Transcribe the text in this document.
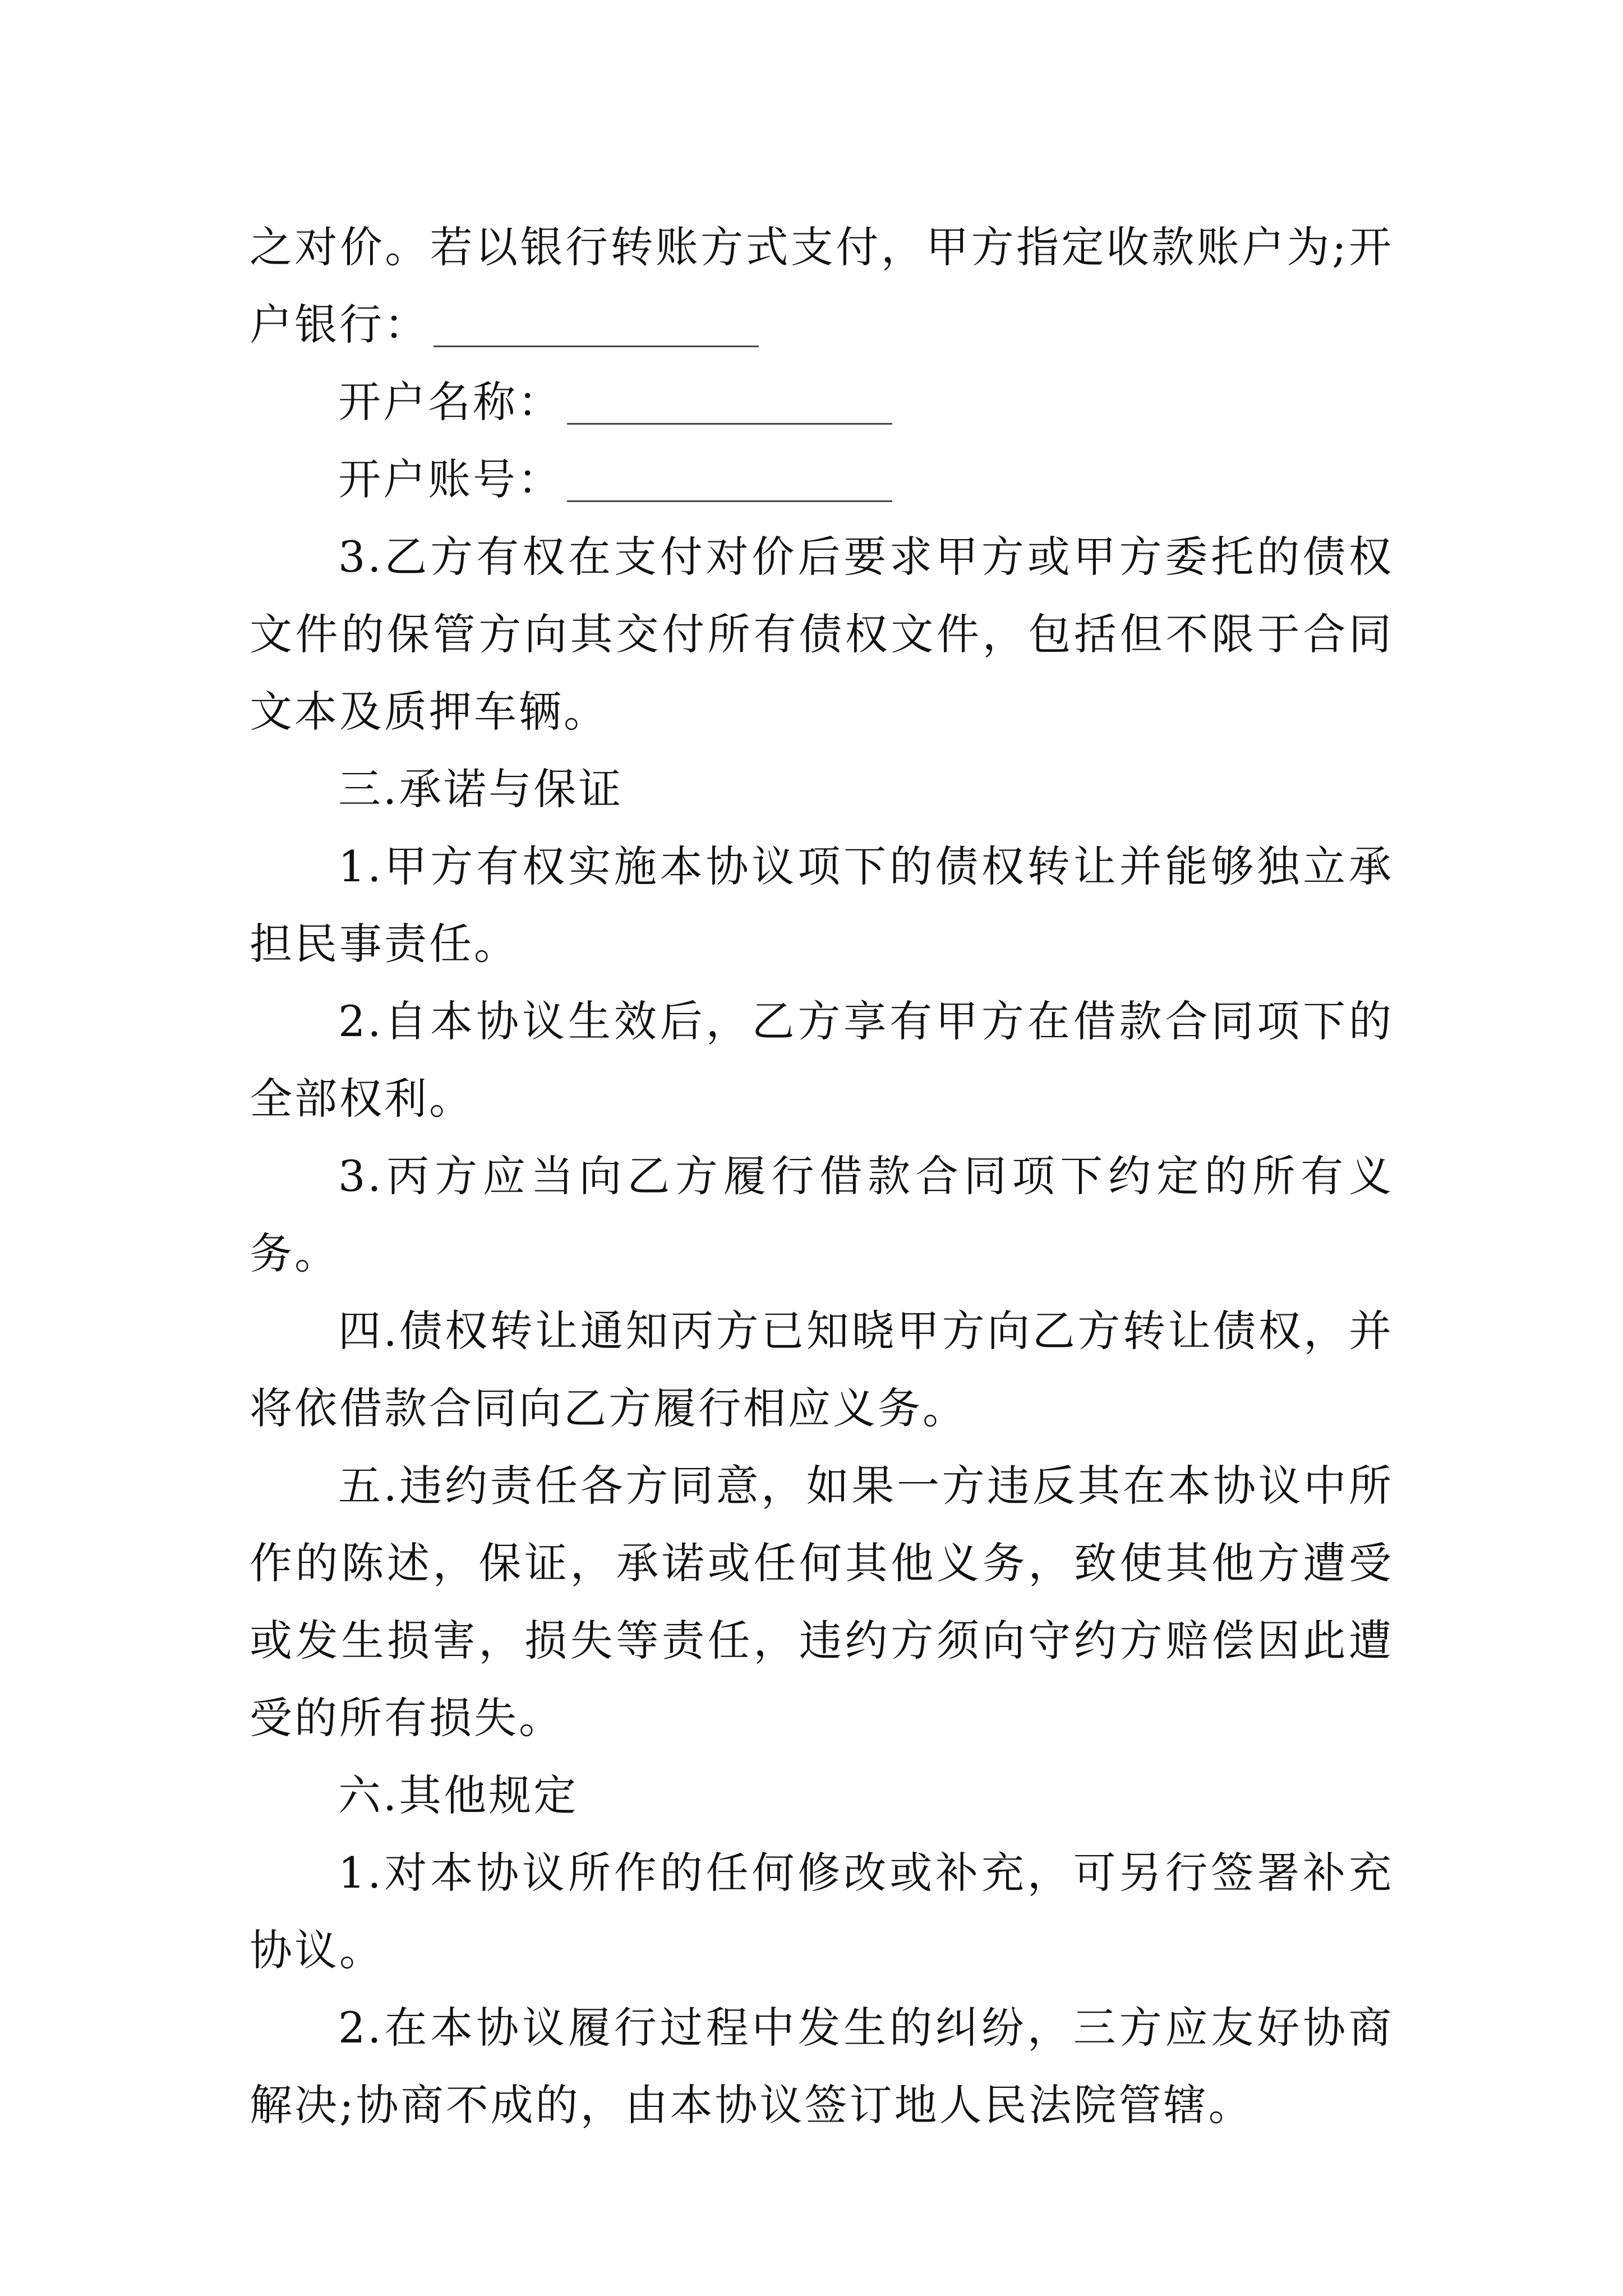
之对价。若以银行转账方式支付，甲方指定收款账户为;开户银行：

开户名称：

开户账号：

3.乙方有权在支付对价后要求甲方或甲方委托的债权文件的保管方向其交付所有债权文件，包括但不限于合同文本及质押车辆。

三.承诺与保证

1.甲方有权实施本协议项下的债权转让并能够独立承担民事责任。

2.自本协议生效后，乙方享有甲方在借款合同项下的全部权利。

3.丙方应当向乙方履行借款合同项下约定的所有义务。

四.债权转让通知丙方已知晓甲方向乙方转让债权，并将依借款合同向乙方履行相应义务。

五.违约责任各方同意，如果一方违反其在本协议中所作的陈述，保证，承诺或任何其他义务，致使其他方遭受或发生损害，损失等责任，违约方须向守约方赔偿因此遭受的所有损失。

六.其他规定

1.对本协议所作的任何修改或补充，可另行签署补充协议。

2.在本协议履行过程中发生的纠纷，三方应友好协商解决;协商不成的，由本协议签订地人民法院管辖。
